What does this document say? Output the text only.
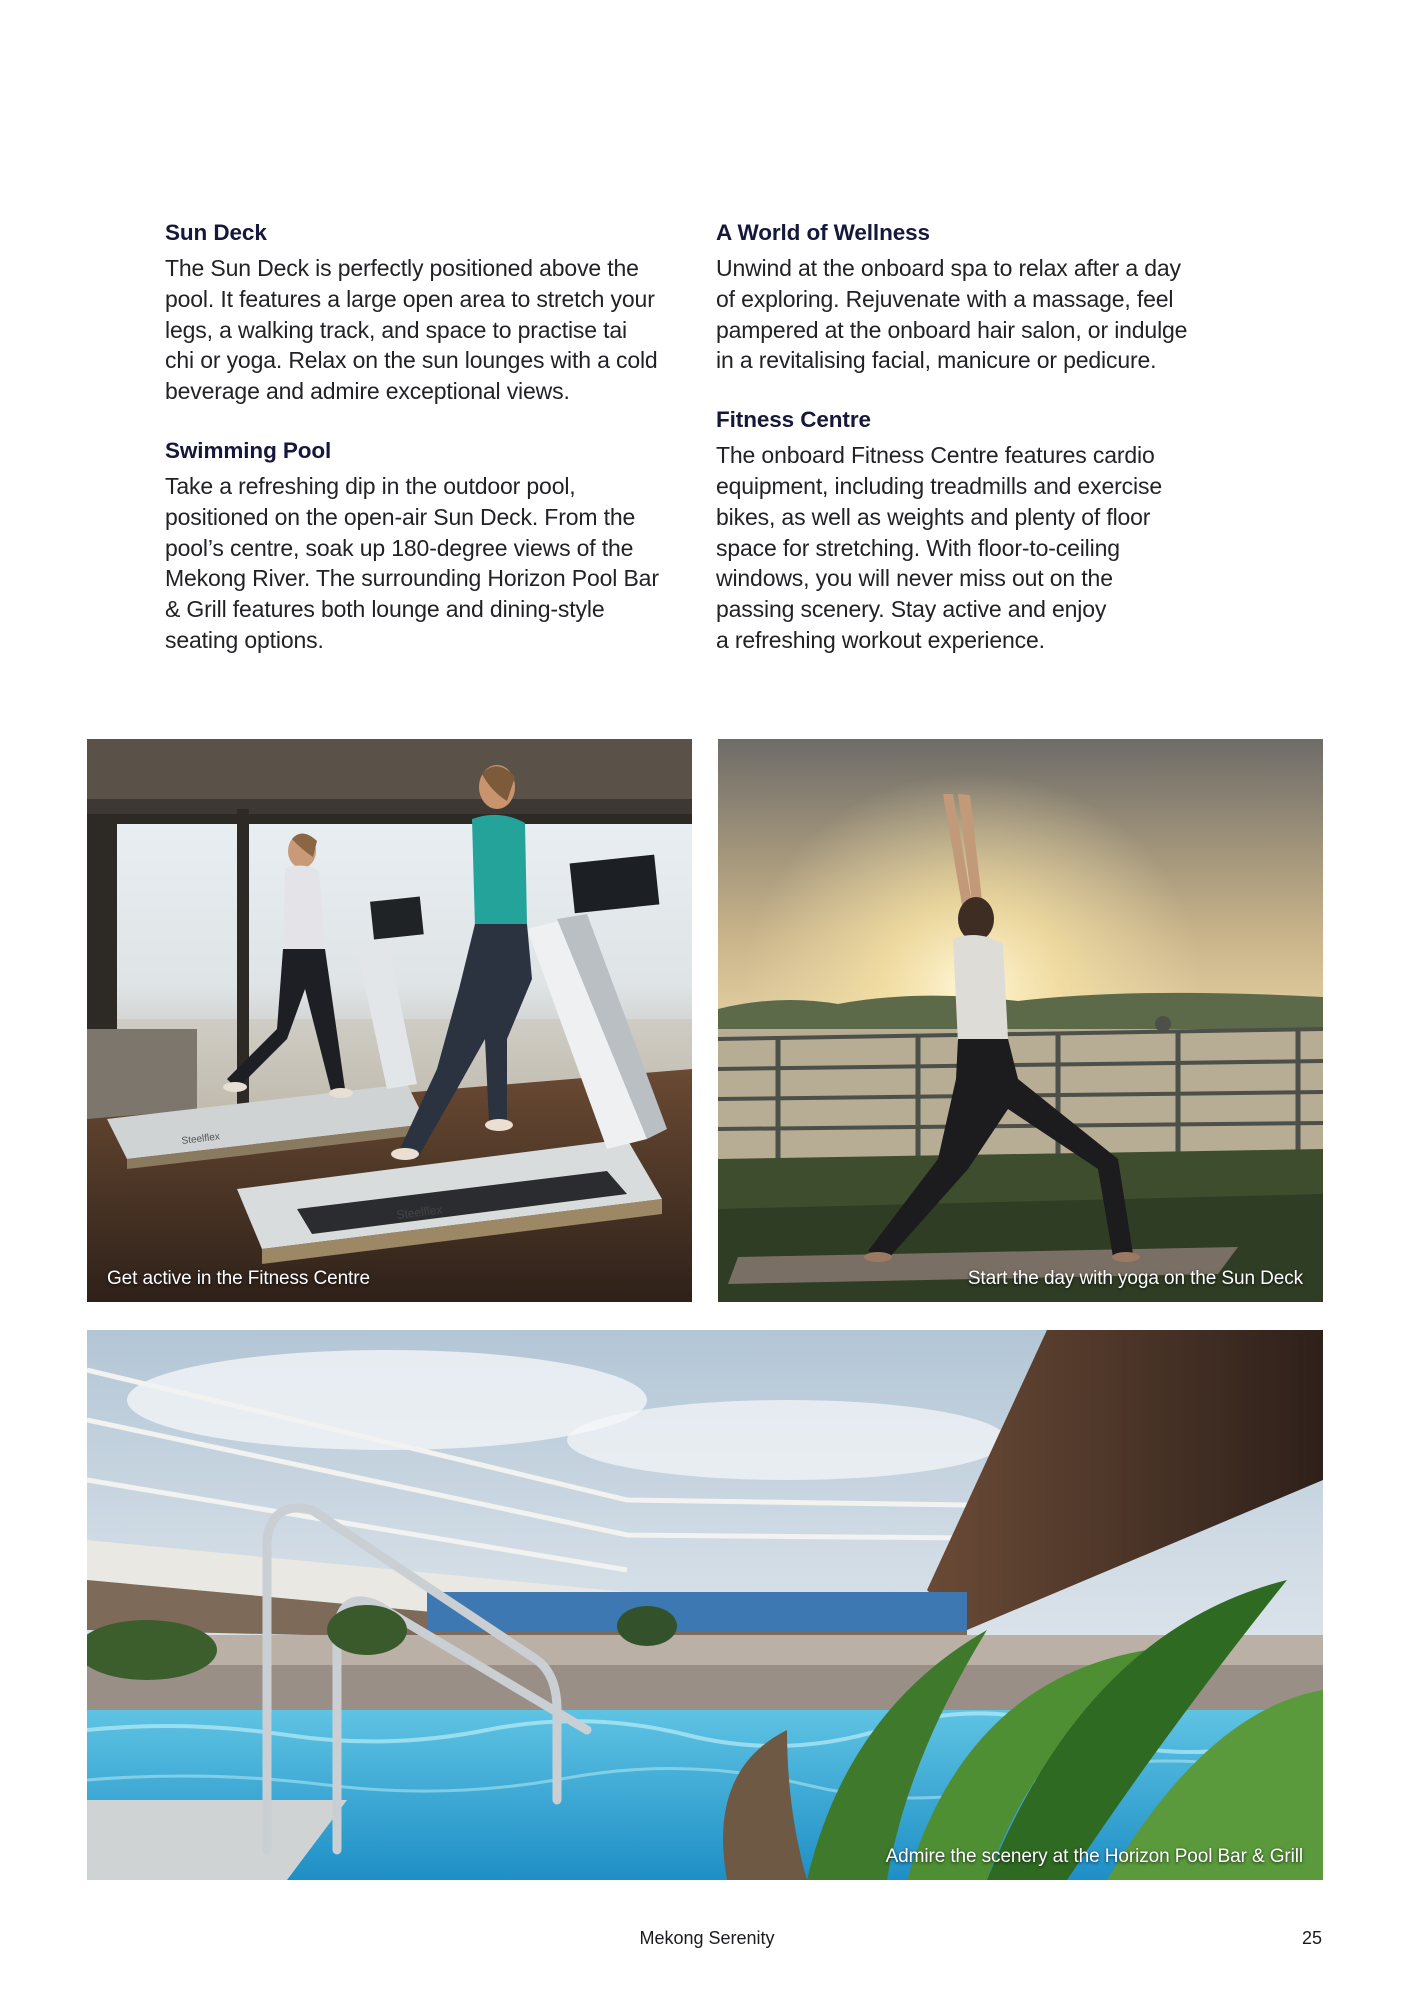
Sun Deck

The Sun Deck is perfectly positioned above the
pool. It features a large open area to stretch your
legs, a walking track, and space to practise tai
chi or yoga. Relax on the sun lounges with a cold
beverage and admire exceptional views.

Swimming Pool

Take a refreshing dip in the outdoor pool,
positioned on the open-air Sun Deck. From the
pool’s centre, soak up 180-degree views of the
Mekong River. The surrounding Horizon Pool Bar
& Grill features both lounge and dining-style
seating options.

A World of Wellness

Unwind at the onboard spa to relax after a day
of exploring. Rejuvenate with a massage, feel
pampered at the onboard hair salon, or indulge
in a revitalising facial, manicure or pedicure.

Fitness Centre

The onboard Fitness Centre features cardio
equipment, including treadmills and exercise
bikes, as well as weights and plenty of floor
space for stretching. With floor-to-ceiling
windows, you will never miss out on the
passing scenery. Stay active and enjoy
a refreshing workout experience.

Steelflex
Steelflex
Get active in the Fitness Centre	Start the day with yoga on the Sun Deck
Admire the scenery at the Horizon Pool Bar & Grill
Mekong Serenity	25
